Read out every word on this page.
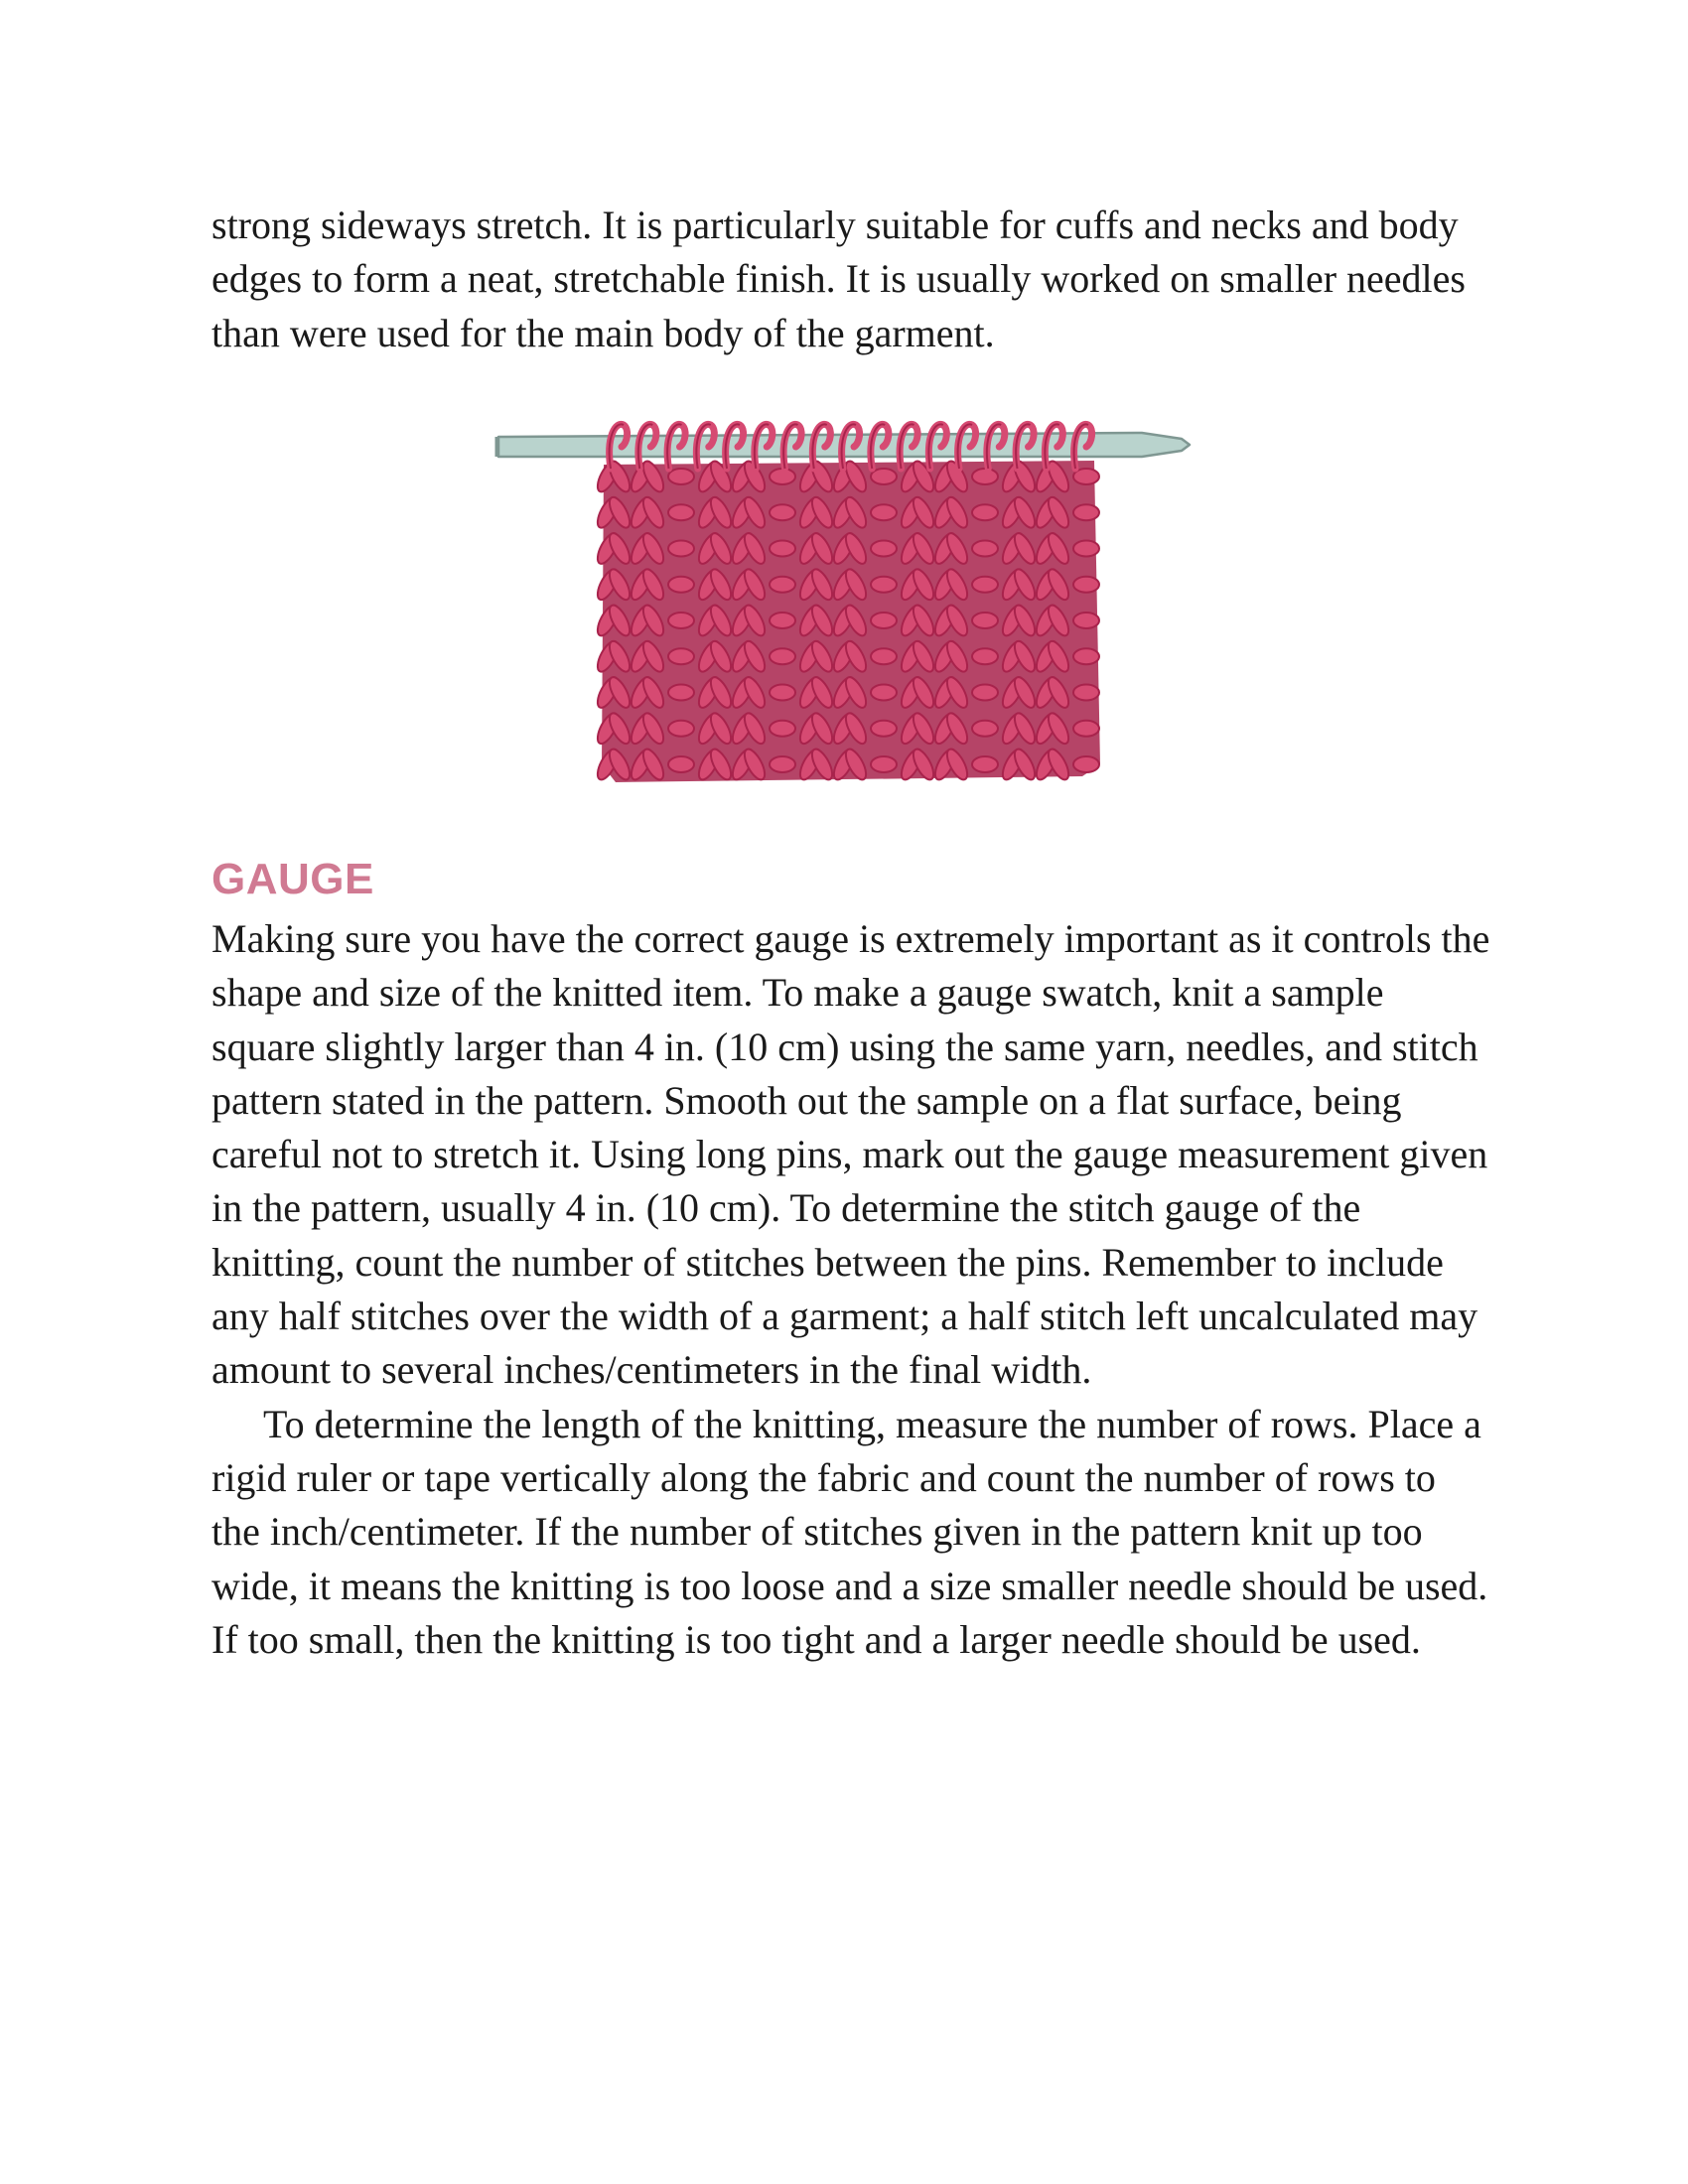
strong sideways stretch. It is particularly suitable for cuffs and necks and body edges to form a neat, stretchable finish. It is usually worked on smaller needles than were used for the main body of the garment.

GAUGE

Making sure you have the correct gauge is extremely important as it controls the shape and size of the knitted item. To make a gauge swatch, knit a sample square slightly larger than 4 in. (10 cm) using the same yarn, needles, and stitch pattern stated in the pattern. Smooth out the sample on a flat surface, being careful not to stretch it. Using long pins, mark out the gauge measurement given in the pattern, usually 4 in. (10 cm). To determine the stitch gauge of the knitting, count the number of stitches between the pins. Remember to include any half stitches over the width of a garment; a half stitch left uncalculated may amount to several inches/centimeters in the final width.

To determine the length of the knitting, measure the number of rows. Place a rigid ruler or tape vertically along the fabric and count the number of rows to the inch/centimeter. If the number of stitches given in the pattern knit up too wide, it means the knitting is too loose and a size smaller needle should be used. If too small, then the knitting is too tight and a larger needle should be used.
